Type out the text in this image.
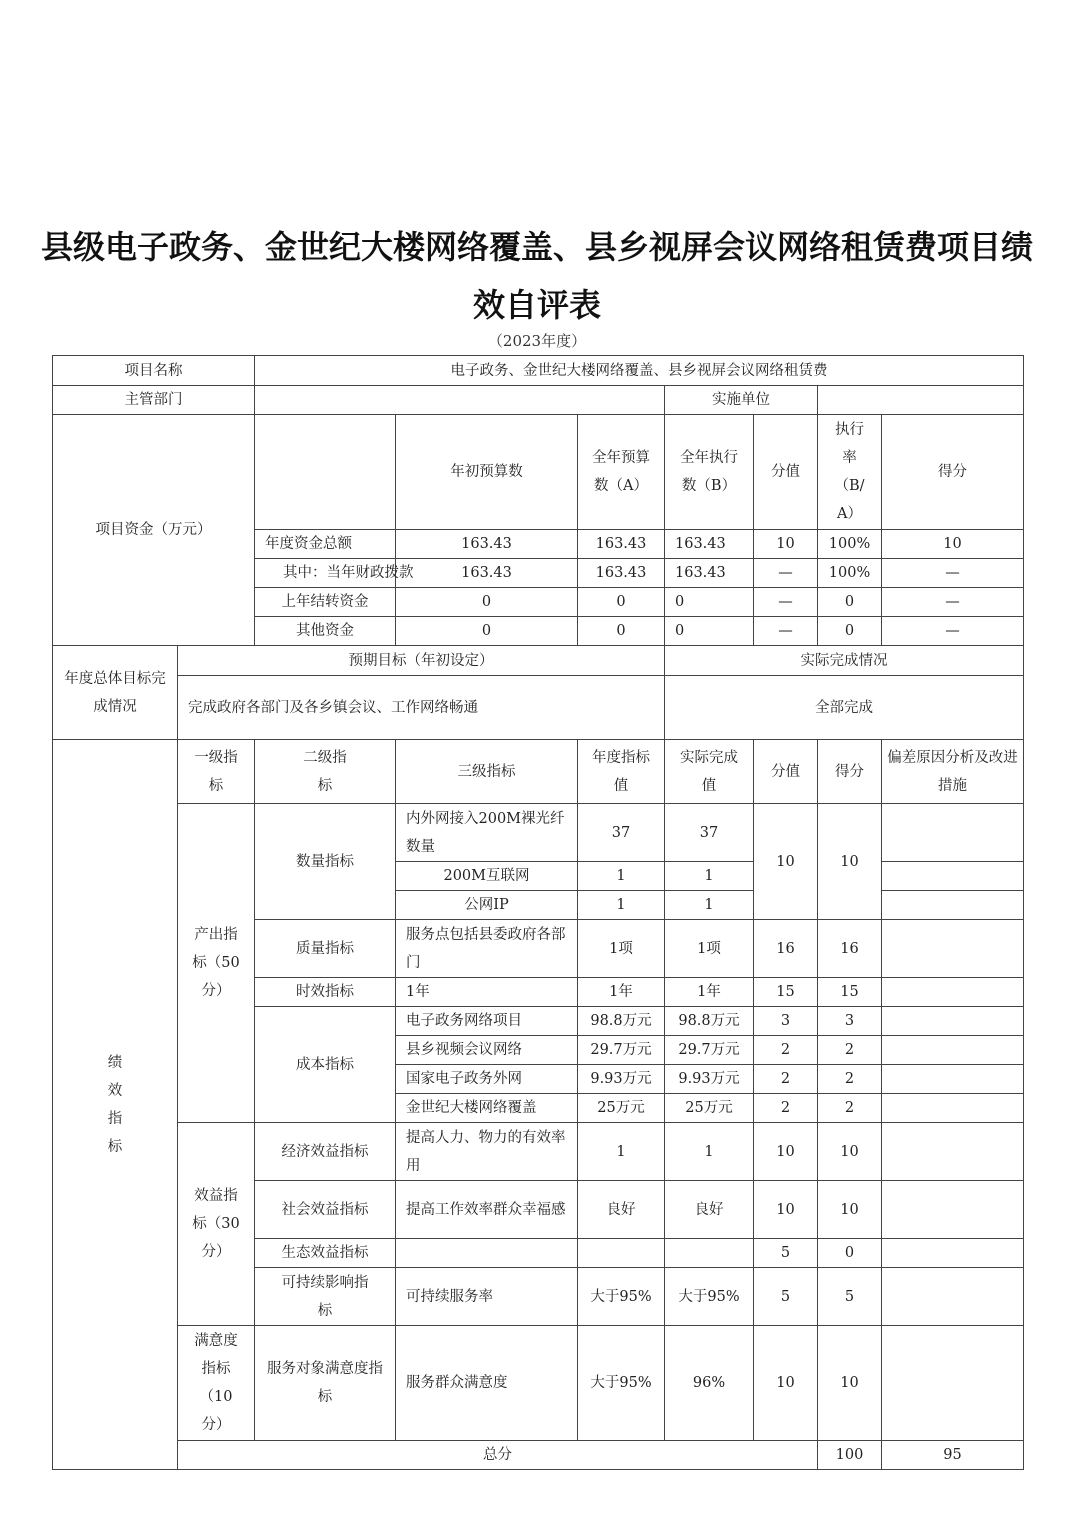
县级电子政务、金世纪大楼网络覆盖、县乡视屏会议网络租赁费项目绩效自评表
（2023年度）
项目名称		电子政务、金世纪大楼网络覆盖、县乡视屏会议网络租赁费							
主管部门					实施单位				
项目资金（万元）			年初预算数	全年预算数（A）	全年执行数（B）	分值	执行率（B/A）	得分	
		年度资金总额	163.43	163.43	163.43	10	100%	10	
		其中：当年财政拨款	163.43	163.43	163.43	—	100%	—	
		上年结转资金	0	0	0	—	0	—	
		其他资金	0	0	0	—	0	—	
年度总体目标完成情况	预期目标（年初设定）				实际完成情况				
	完成政府各部门及各乡镇会议、工作网络畅通				全部完成				
绩效指标	一级指标	二级指标	三级指标	年度指标值	实际完成值	分值	得分	偏差原因分析及改进措施	
	产出指标（50分）	数量指标	内外网接入200M裸光纤数量	37	37	10	10		
			200M互联网	1	1				
			公网IP	1	1				
		质量指标	服务点包括县委政府各部门	1项	1项	16	16		
		时效指标	1年	1年	1年	15	15		
		成本指标	电子政务网络项目	98.8万元	98.8万元	3	3		
			县乡视频会议网络	29.7万元	29.7万元	2	2		
			国家电子政务外网	9.93万元	9.93万元	2	2		
			金世纪大楼网络覆盖	25万元	25万元	2	2		
	效益指标（30分）	经济效益指标	提高人力、物力的有效率用	1	1	10	10		
		社会效益指标	提高工作效率群众幸福感	良好	良好	10	10		
		生态效益指标				5	0		
		可持续影响指标	可持续服务率	大于95%	大于95%	5	5		
	满意度指标（10分）	服务对象满意度指标	服务群众满意度	大于95%	96%	10	10		
	总分						100	95	
